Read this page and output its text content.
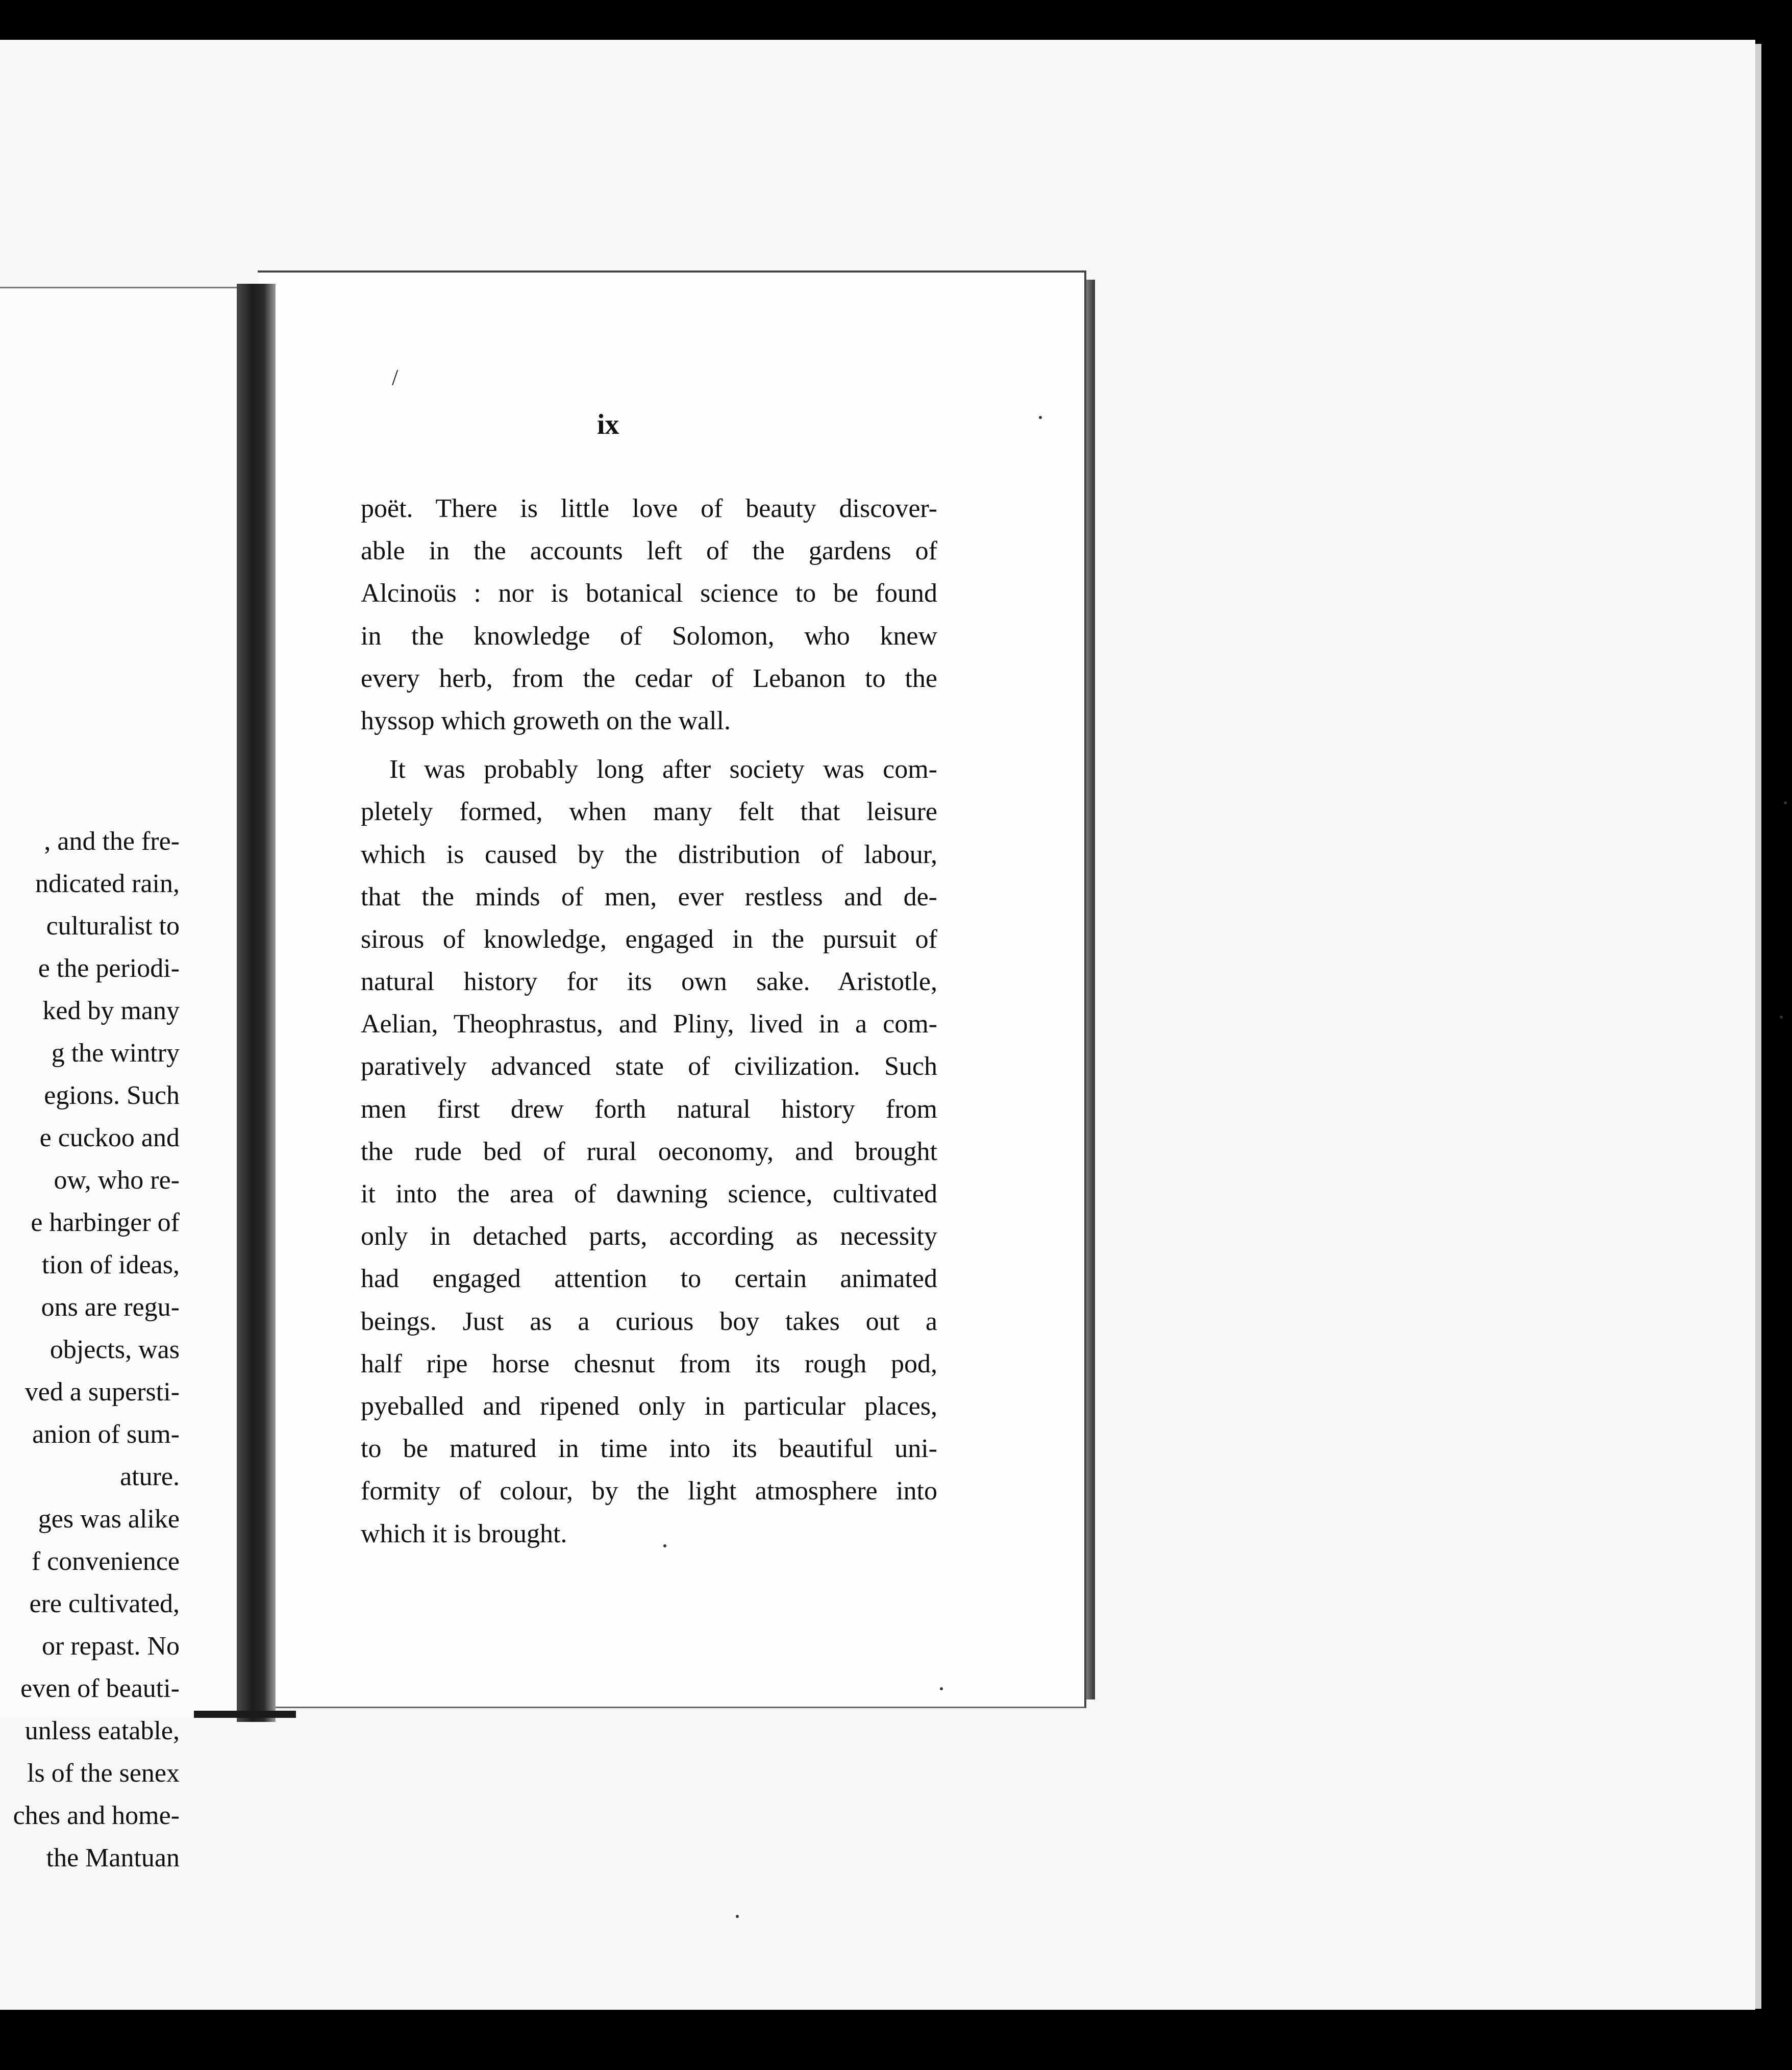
, and the fre-
ndicated rain,
culturalist to
e the periodi-
ked by many
g the wintry
egions. Such
e cuckoo and
ow, who re-
e harbinger of
tion of ideas,
ons are regu-
objects, was
ved a supersti-
anion of sum-
ature.
ges was alike
f convenience
ere cultivated,
or repast. No
even of beauti-
unless eatable,
ls of the senex
ches and home-
the Mantuan
/
ix
poët. There is little love of beauty discover-
able in the accounts left of the gardens of
Alcinoüs : nor is botanical science to be found
in the knowledge of Solomon, who knew
every herb, from the cedar of Lebanon to the
hyssop which groweth on the wall.
It was probably long after society was com-
pletely formed, when many felt that leisure
which is caused by the distribution of labour,
that the minds of men, ever restless and de-
sirous of knowledge, engaged in the pursuit of
natural history for its own sake. Aristotle,
Aelian, Theophrastus, and Pliny, lived in a com-
paratively advanced state of civilization. Such
men first drew forth natural history from
the rude bed of rural oeconomy, and brought
it into the area of dawning science, cultivated
only in detached parts, according as necessity
had engaged attention to certain animated
beings. Just as a curious boy takes out a
half ripe horse chesnut from its rough pod,
pyeballed and ripened only in particular places,
to be matured in time into its beautiful uni-
formity of colour, by the light atmosphere into
which it is brought.
